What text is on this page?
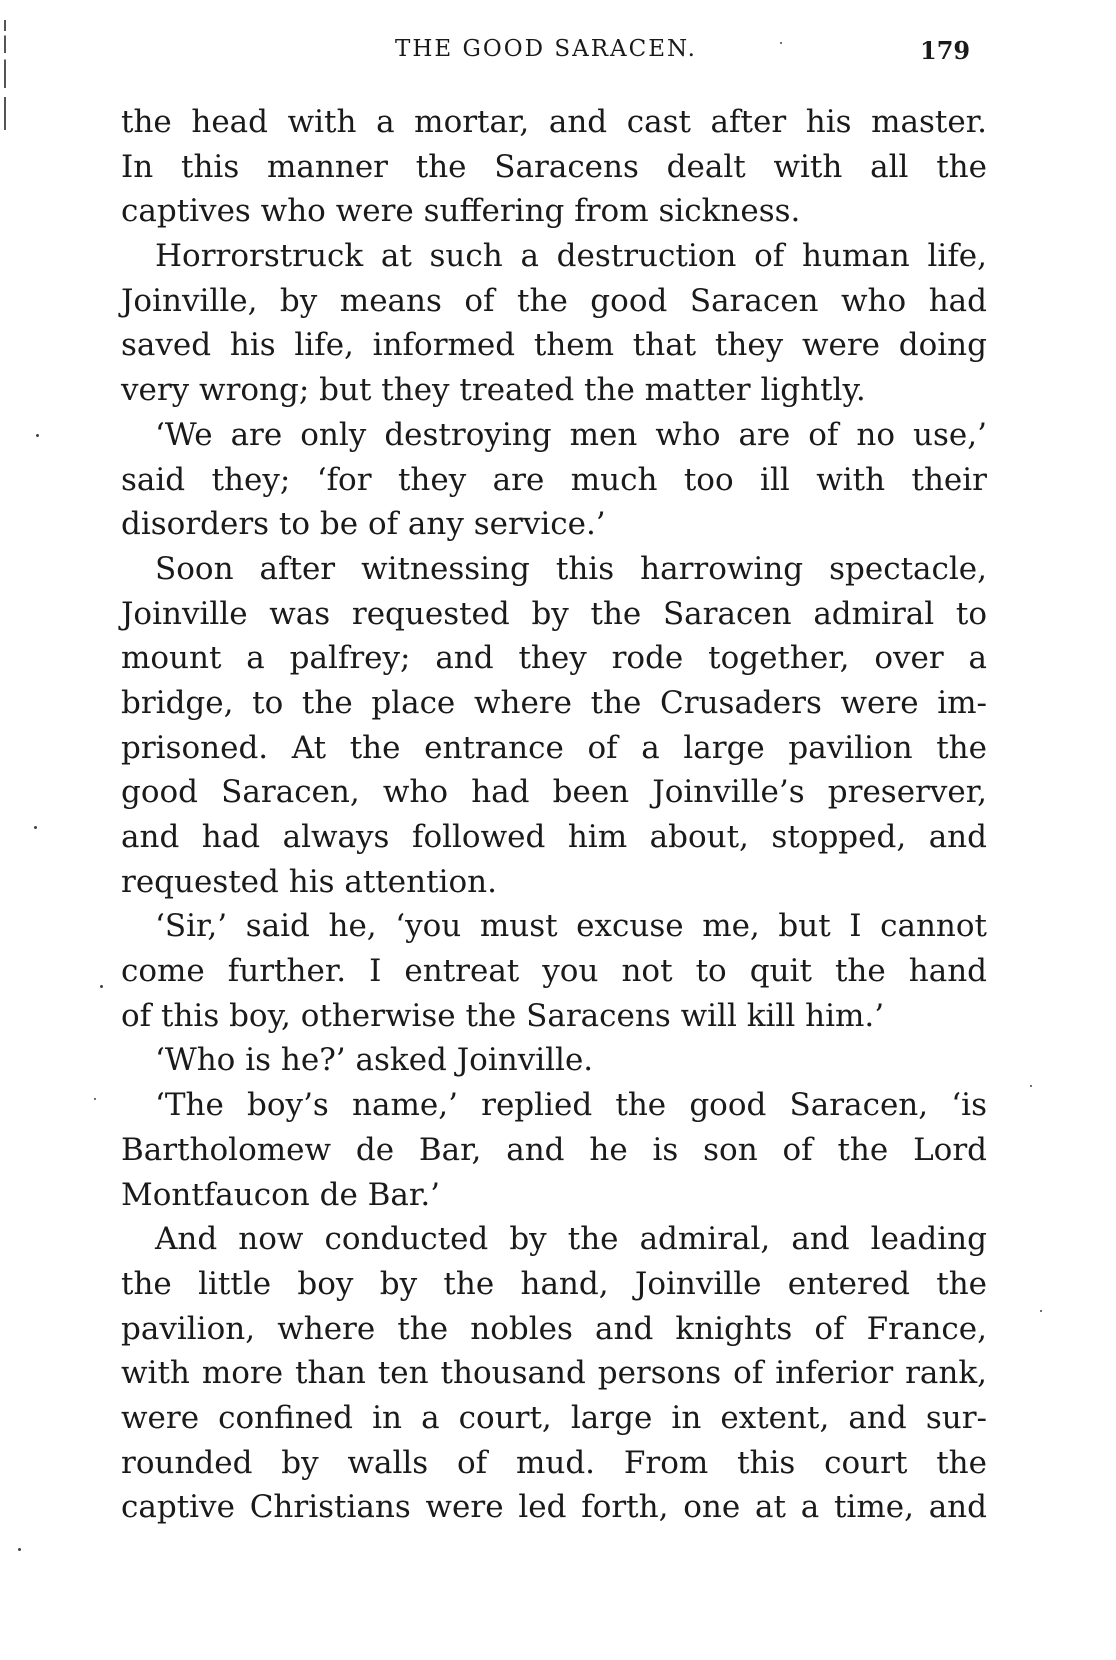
THE GOOD SARACEN.	179
the head with a mortar, and cast after his master.
In this manner the Saracens dealt with all the
captives who were suffering from sickness.
Horrorstruck at such a destruction of human life,
Joinville, by means of the good Saracen who had
saved his life, informed them that they were doing
very wrong; but they treated the matter lightly.
‘We are only destroying men who are of no use,’
said they; ‘for they are much too ill with their
disorders to be of any service.’
Soon after witnessing this harrowing spectacle,
Joinville was requested by the Saracen admiral to
mount a palfrey; and they rode together, over a
bridge, to the place where the Crusaders were im-
prisoned. At the entrance of a large pavilion the
good Saracen, who had been Joinville’s preserver,
and had always followed him about, stopped, and
requested his attention.
‘Sir,’ said he, ‘you must excuse me, but I cannot
come further. I entreat you not to quit the hand
of this boy, otherwise the Saracens will kill him.’
‘Who is he?’ asked Joinville.
‘The boy’s name,’ replied the good Saracen, ‘is
Bartholomew de Bar, and he is son of the Lord
Montfaucon de Bar.’
And now conducted by the admiral, and leading
the little boy by the hand, Joinville entered the
pavilion, where the nobles and knights of France,
with more than ten thousand persons of inferior rank,
were confined in a court, large in extent, and sur-
rounded by walls of mud. From this court the
captive Christians were led forth, one at a time, and
